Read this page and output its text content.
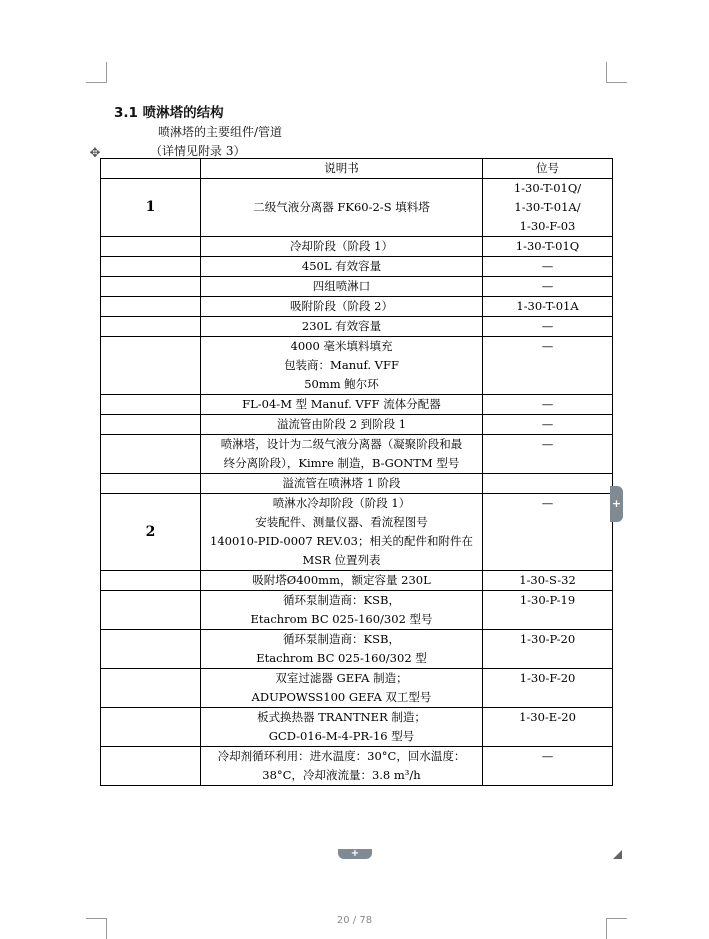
3.1 喷淋塔的结构
喷淋塔的主要组件/管道
（详情见附录 3）
✥
	说明书	位号
1	二级气液分离器 FK60-2-S 填料塔	1-30-T-01Q/
1-30-T-01A/
1-30-F-03

	冷却阶段（阶段 1）	1-30-T-01Q

	450L 有效容量	—

	四组喷淋口	—

	吸附阶段（阶段 2）	1-30-T-01A

	230L 有效容量	—

	4000 毫米填料填充
包装商：Manuf. VFF
50mm 鲍尔环	—

	FL-04-M 型 Manuf. VFF 流体分配器	—

	溢流管由阶段 2 到阶段 1	—

	喷淋塔，设计为二级气液分离器（凝聚阶段和最
终分离阶段），Kimre 制造，B-GONTM 型号	—

	溢流管在喷淋塔 1 阶段	

2	喷淋水冷却阶段（阶段 1）
安装配件、测量仪器、看流程图号
140010-PID-0007 REV.03；相关的配件和附件在
MSR 位置列表	—

	吸附塔Ø400mm，额定容量 230L	1-30-S-32

	循环泵制造商：KSB，
Etachrom BC 025-160/302 型号	1-30-P-19

	循环泵制造商：KSB，
Etachrom BC 025-160/302 型	1-30-P-20

	双室过滤器 GEFA 制造；
ADUPOWSS100 GEFA 双工型号	1-30-F-20

	板式换热器 TRANTNER 制造；
GCD-016-M-4-PR-16 型号	1-30-E-20

	冷却剂循环利用：进水温度：30°C，回水温度：
38°C，冷却液流量：3.8 m³/h	—
+
+
20 / 78
